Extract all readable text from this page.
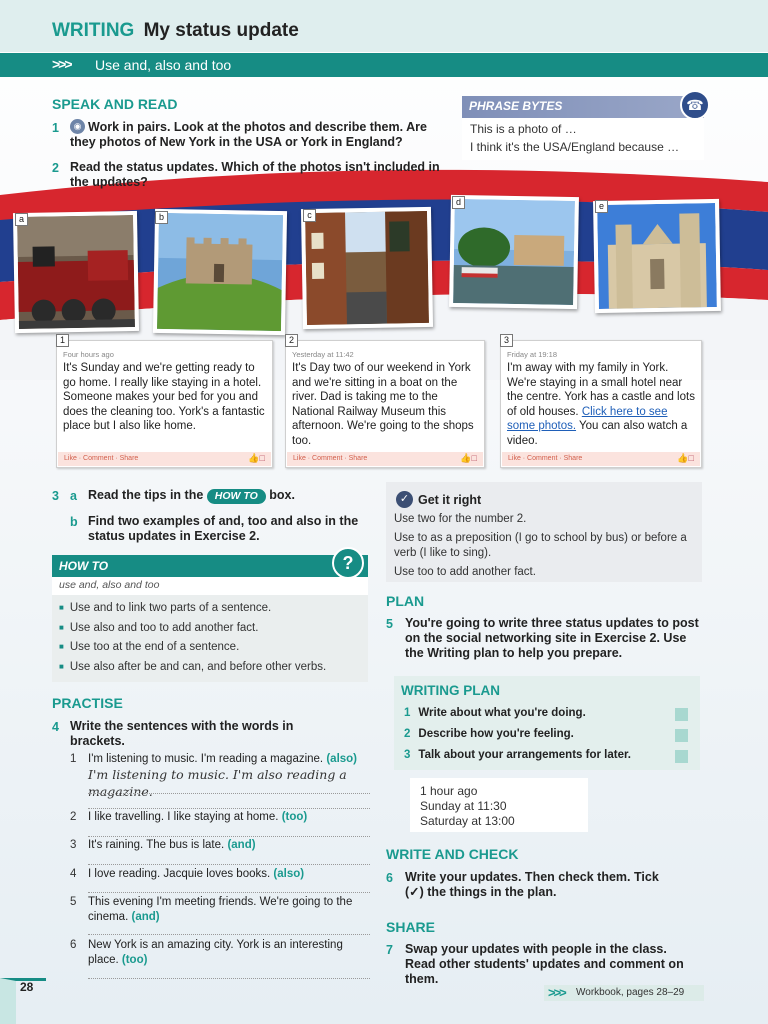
WRITING My status update
>>> Use and, also and too
SPEAK AND READ
1	◉ Work in pairs. Look at the photos and describe them. Are they photos of New York in the USA or York in England?
2 Read the status updates. Which of the photos isn't included in the updates?
PHRASE BYTES	☎
This is a photo of …
I think it's the USA/England because …
a	b	c
d	e
1
Four hours ago
It's Sunday and we're getting ready to go home. I really like staying in a hotel. Someone makes your bed for you and does the cleaning too. York's a fantastic place but I also like home.
Like · Comment · Share	👍□
2
Yesterday at 11:42
It's Day two of our weekend in York and we're sitting in a boat on the river. Dad is taking me to the National Railway Museum this afternoon. We're going to the shops too.
Like · Comment · Share	👍□
3
Friday at 19:18
I'm away with my family in York. We're staying in a small hotel near the centre. York has a castle and lots of old houses. Click here to see some photos. You can also watch a video.
Like · Comment · Share	👍□
3 a Read the tips in the HOW TO box.
b Find two examples of and, too and also in the status updates in Exercise 2.
HOW TO	?
use and, also and too
■ Use and to link two parts of a sentence.
■ Use also and too to add another fact.
■ Use too at the end of a sentence.
■ Use also after be and can, and before other verbs.
✓ Get it right
Use two for the number 2.
Use to as a preposition (I go to school by bus) or before a verb (I like to sing).
Use too to add another fact.
PLAN
5 You're going to write three status updates to post on the social networking site in Exercise 2. Use the Writing plan to help you prepare.
WRITING PLAN
1 Write about what you're doing.
2 Describe how you're feeling.
3 Talk about your arrangements for later.
1 hour ago
Sunday at 11:30
Saturday at 13:00
PRACTISE
4 Write the sentences with the words in brackets.
1 I'm listening to music. I'm reading a magazine. (also)
I'm listening to music. I'm also reading a magazine.
2 I like travelling. I like staying at home. (too)
3 It's raining. The bus is late. (and)
4 I love reading. Jacquie loves books. (also)
5 This evening I'm meeting friends. We're going to the cinema. (and)
6 New York is an amazing city. York is an interesting place. (too)
WRITE AND CHECK
6 Write your updates. Then check them. Tick (✓) the things in the plan.
SHARE
7 Swap your updates with people in the class. Read other students' updates and comment on them.
28	>>> Workbook, pages 28–29
